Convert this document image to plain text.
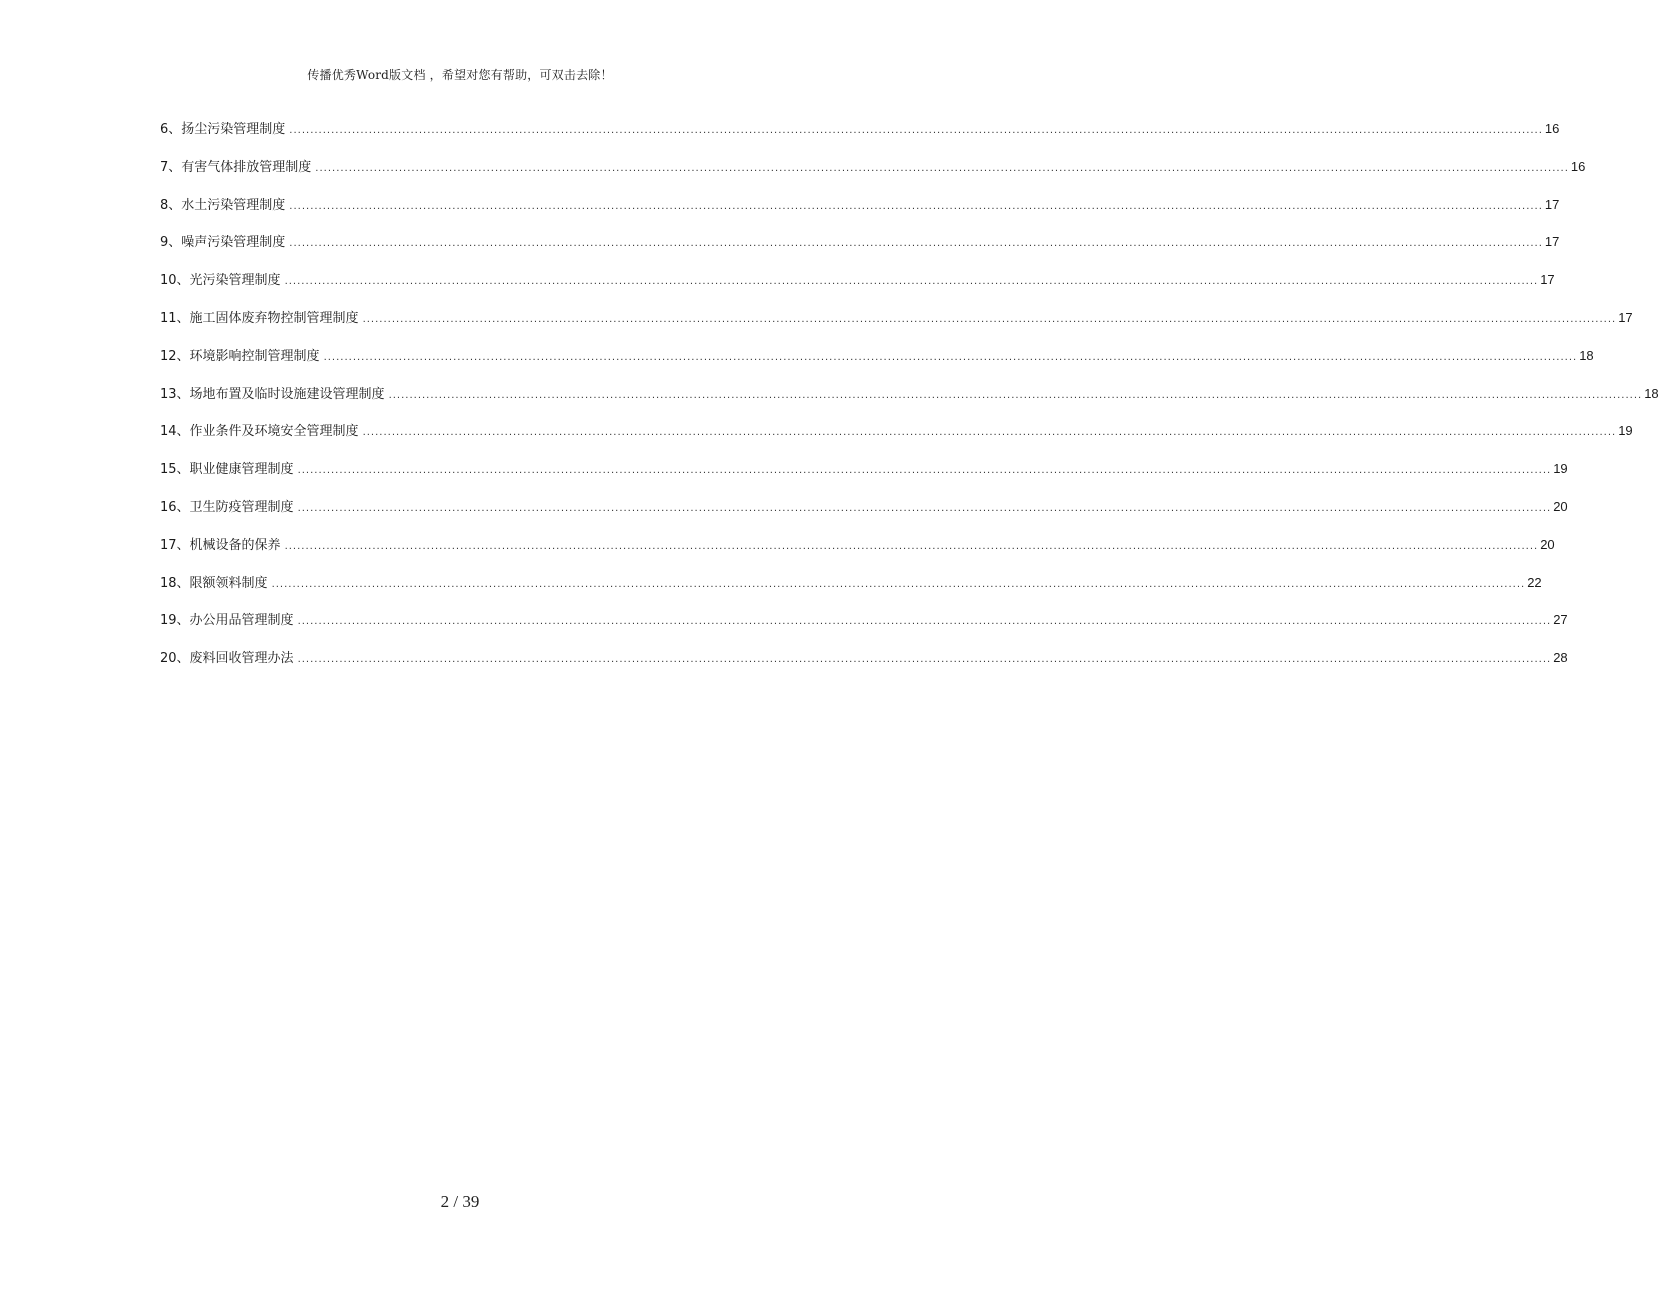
传播优秀Word版文档 ，希望对您有帮助，可双击去除！
6、 扬尘污染管理制度 ............................................................................................................................................................................................................................................................................................................ 16
7、 有害气体排放管理制度 ............................................................................................................................................................................................................................................................................................................ 16
8、 水土污染管理制度 ............................................................................................................................................................................................................................................................................................................ 17
9、 噪声污染管理制度 ............................................................................................................................................................................................................................................................................................................ 17
10、 光污染管理制度 ............................................................................................................................................................................................................................................................................................................ 17
11、 施工固体废弃物控制管理制度 ............................................................................................................................................................................................................................................................................................................ 17
12、 环境影响控制管理制度 ............................................................................................................................................................................................................................................................................................................ 18
13、 场地布置及临时设施建设管理制度 ............................................................................................................................................................................................................................................................................................................ 18
14、 作业条件及环境安全管理制度 ............................................................................................................................................................................................................................................................................................................ 19
15、 职业健康管理制度 ............................................................................................................................................................................................................................................................................................................ 19
16、 卫生防疫管理制度 ............................................................................................................................................................................................................................................................................................................ 20
17、 机械设备的保养 ............................................................................................................................................................................................................................................................................................................ 20
18、 限额领料制度 ............................................................................................................................................................................................................................................................................................................ 22
19、 办公用品管理制度 ............................................................................................................................................................................................................................................................................................................ 27
20、 废料回收管理办法 ............................................................................................................................................................................................................................................................................................................ 28
2 / 39
